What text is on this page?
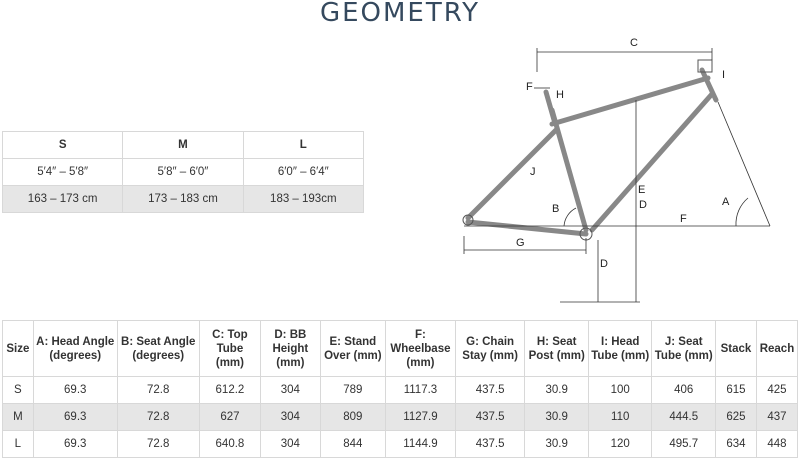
GEOMETRY
S	M	L
5′4″ – 5′8″	5′8″ – 6′0″	6′0″ – 6′4″
163 – 173 cm	173 – 183 cm	183 – 193cm
C
I
F
H
J
E
D	A
B
F
G
D
Size	A: Head Angle (degrees)	B: Seat Angle (degrees)	C: Top Tube (mm)	D: BB Height (mm)	E: Stand Over (mm)	F: Wheelbase (mm)	G: Chain Stay (mm)	H: Seat Post (mm)	I: Head Tube (mm)	J: Seat Tube (mm)	Stack	Reach
S	69.3	72.8	612.2	304	789	1117.3	437.5	30.9	100	406	615	425
M	69.3	72.8	627	304	809	1127.9	437.5	30.9	110	444.5	625	437
L	69.3	72.8	640.8	304	844	1144.9	437.5	30.9	120	495.7	634	448
